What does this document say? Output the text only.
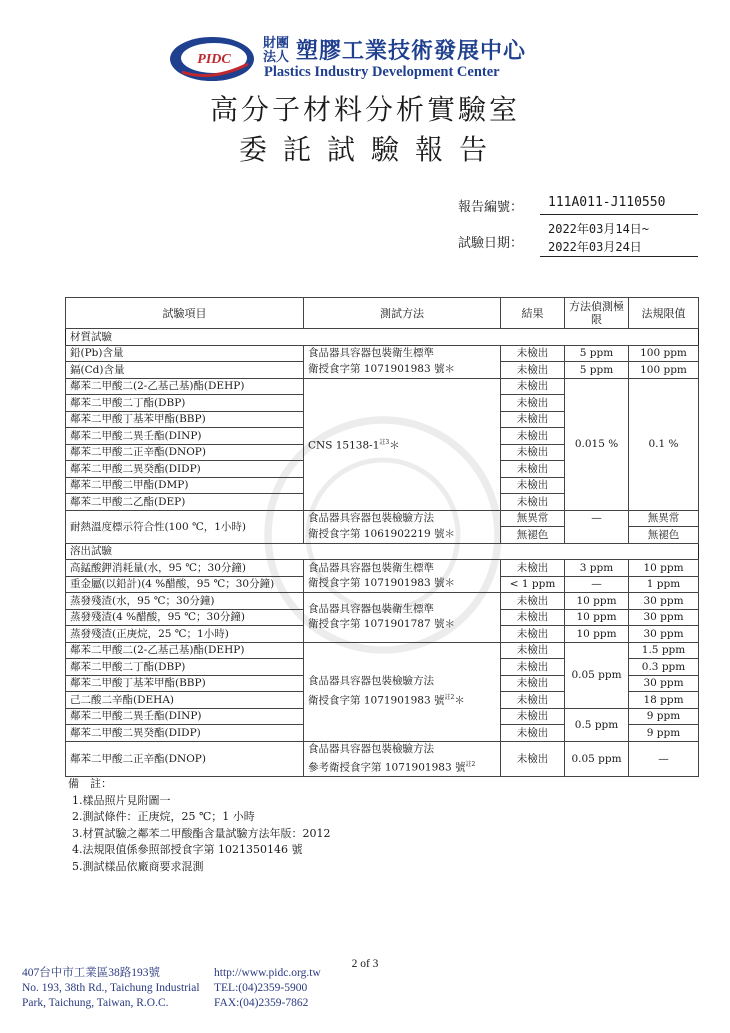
PIDC
財團法人 塑膠工業技術發展中心
Plastics Industry Development Center
高分子材料分析實驗室
委託試驗報告
報告編號： 111A011-J110550
試驗日期：
2022年03月14日~
2022年03月24日
試驗項目	測試方法	結果	方法偵測極限	法規限值
材質試驗				
鉛(Pb)含量	食品器具容器包裝衛生標準
衛授食字第 1071901983 號＊	未檢出	5 ppm	100 ppm
鎘(Cd)含量		未檢出	5 ppm	100 ppm
鄰苯二甲酸二(2-乙基己基)酯(DEHP)	CNS 15138-1$^{註3}$＊	未檢出	0.015 %	0.1 %
鄰苯二甲酸二丁酯(DBP)		未檢出		
鄰苯二甲酸丁基苯甲酯(BBP)		未檢出		
鄰苯二甲酸二異壬酯(DINP)		未檢出		
鄰苯二甲酸二正辛酯(DNOP)		未檢出		
鄰苯二甲酸二異癸酯(DIDP)		未檢出		
鄰苯二甲酸二甲酯(DMP)		未檢出		
鄰苯二甲酸二乙酯(DEP)		未檢出		
耐熱溫度標示符合性(100 ℃，1小時)	食品器具容器包裝檢驗方法
衛授食字第 1061902219 號＊	無異常	—	無異常
		無褪色		無褪色
溶出試驗				
高錳酸鉀消耗量(水，95 ℃；30分鐘)	食品器具容器包裝衛生標準
衛授食字第 1071901983 號＊	未檢出	3 ppm	10 ppm
重金屬(以鉛計)(4 %醋酸，95 ℃；30分鐘)		< 1 ppm	—	1 ppm
蒸發殘渣(水，95 ℃；30分鐘)	食品器具容器包裝衛生標準
衛授食字第 1071901787 號＊	未檢出	10 ppm	30 ppm
蒸發殘渣(4 %醋酸，95 ℃；30分鐘)		未檢出	10 ppm	30 ppm
蒸發殘渣(正庚烷，25 ℃；1小時)		未檢出	10 ppm	30 ppm
鄰苯二甲酸二(2-乙基己基)酯(DEHP)	食品器具容器包裝檢驗方法
衛授食字第 1071901983 號$^{註2}$＊	未檢出	0.05 ppm	1.5 ppm
鄰苯二甲酸二丁酯(DBP)		未檢出		0.3 ppm
鄰苯二甲酸丁基苯甲酯(BBP)		未檢出		30 ppm
己二酸二辛酯(DEHA)		未檢出		18 ppm
鄰苯二甲酸二異壬酯(DINP)		未檢出	0.5 ppm	9 ppm
鄰苯二甲酸二異癸酯(DIDP)		未檢出		9 ppm
鄰苯二甲酸二正辛酯(DNOP)	食品器具容器包裝檢驗方法
參考衛授食字第 1071901983 號$^{註2}$	未檢出	0.05 ppm	—
備　註：
1.樣品照片見附圖一
2.測試條件：正庚烷，25 ℃；1 小時
3.材質試驗之鄰苯二甲酸酯含量試驗方法年版：2012
4.法規限值係參照部授食字第 1021350146 號
5.測試樣品依廠商要求混測
2 of 3
407台中市工業區38路193號
No. 193, 38th Rd., Taichung Industrial
Park, Taichung, Taiwan, R.O.C.
http://www.pidc.org.tw
TEL:(04)2359-5900
FAX:(04)2359-7862
